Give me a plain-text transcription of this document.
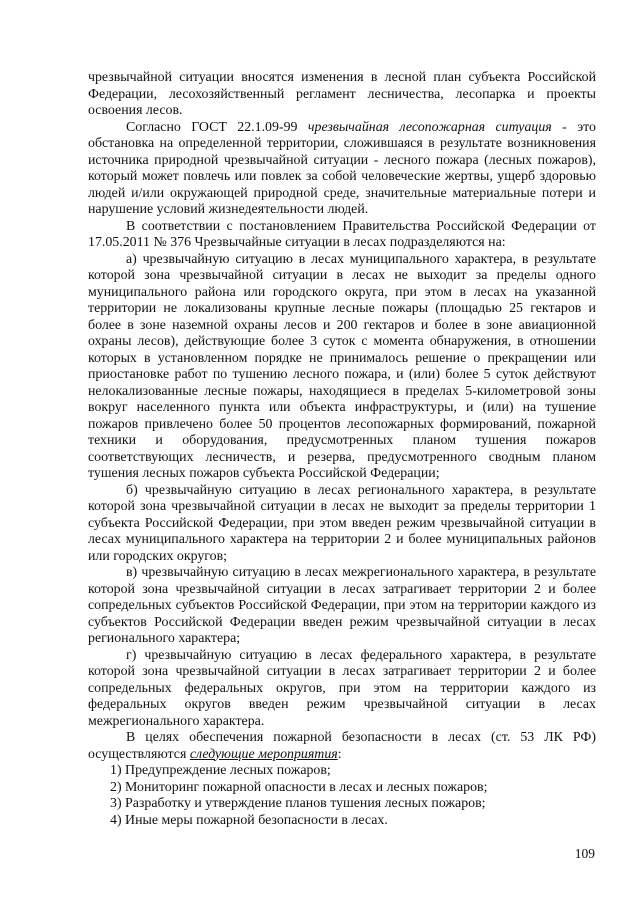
чрезвычайной ситуации вносятся изменения в лесной план субъекта Российской Федерации, лесохозяйственный регламент лесничества, лесопарка и проекты освоения лесов.

Согласно ГОСТ 22.1.09-99 чрезвычайная лесопожарная ситуация - это обстановка на определенной территории, сложившаяся в результате возникновения источника природной чрезвычайной ситуации - лесного пожара (лесных пожаров), который может повлечь или повлек за собой человеческие жертвы, ущерб здоровью людей и/или окружающей природной среде, значительные материальные потери и нарушение условий жизнедеятельности людей.

В соответствии с постановлением Правительства Российской Федерации от 17.05.2011 № 376 Чрезвычайные ситуации в лесах подразделяются на:

а) чрезвычайную ситуацию в лесах муниципального характера, в результате которой зона чрезвычайной ситуации в лесах не выходит за пределы одного муниципального района или городского округа, при этом в лесах на указанной территории не локализованы крупные лесные пожары (площадью 25 гектаров и более в зоне наземной охраны лесов и 200 гектаров и более в зоне авиационной охраны лесов), действующие более 3 суток с момента обнаружения, в отношении которых в установленном порядке не принималось решение о прекращении или приостановке работ по тушению лесного пожара, и (или) более 5 суток действуют нелокализованные лесные пожары, находящиеся в пределах 5-километровой зоны вокруг населенного пункта или объекта инфраструктуры, и (или) на тушение пожаров привлечено более 50 процентов лесопожарных формирований, пожарной техники и оборудования, предусмотренных планом тушения пожаров соответствующих лесничеств, и резерва, предусмотренного сводным планом тушения лесных пожаров субъекта Российской Федерации;

б) чрезвычайную ситуацию в лесах регионального характера, в результате которой зона чрезвычайной ситуации в лесах не выходит за пределы территории 1 субъекта Российской Федерации, при этом введен режим чрезвычайной ситуации в лесах муниципального характера на территории 2 и более муниципальных районов или городских округов;

в) чрезвычайную ситуацию в лесах межрегионального характера, в результате которой зона чрезвычайной ситуации в лесах затрагивает территории 2 и более сопредельных субъектов Российской Федерации, при этом на территории каждого из субъектов Российской Федерации введен режим чрезвычайной ситуации в лесах регионального характера;

г) чрезвычайную ситуацию в лесах федерального характера, в результате которой зона чрезвычайной ситуации в лесах затрагивает территории 2 и более сопредельных федеральных округов, при этом на территории каждого из федеральных округов введен режим чрезвычайной ситуации в лесах межрегионального характера.

В целях обеспечения пожарной безопасности в лесах (ст. 53 ЛК РФ) осуществляются следующие мероприятия:

1) Предупреждение лесных пожаров;
2) Мониторинг пожарной опасности в лесах и лесных пожаров;
3) Разработку и утверждение планов тушения лесных пожаров;
4) Иные меры пожарной безопасности в лесах.
109
